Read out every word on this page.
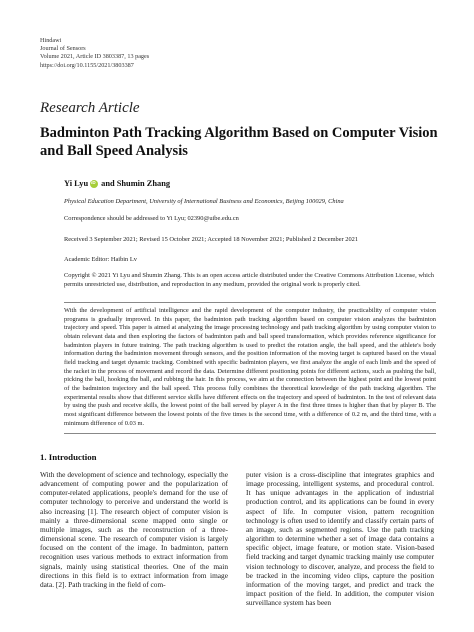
Hindawi
Journal of Sensors
Volume 2021, Article ID 3803387, 13 pages
https://doi.org/10.1155/2021/3803387
Research Article
Badminton Path Tracking Algorithm Based on Computer Vision and Ball Speed Analysis
Yi Lyu
iD and Shumin Zhang
Physical Education Department, University of International Business and Economics, Beijing 100029, China
Correspondence should be addressed to Yi Lyu; 02390@uibe.edu.cn
Received 3 September 2021; Revised 15 October 2021; Accepted 18 November 2021; Published 2 December 2021
Academic Editor: Haibin Lv
Copyright © 2021 Yi Lyu and Shumin Zhang. This is an open access article distributed under the Creative Commons Attribution License, which permits unrestricted use, distribution, and reproduction in any medium, provided the original work is properly cited.
With the development of artificial intelligence and the rapid development of the computer industry, the practicability of computer vision programs is gradually improved. In this paper, the badminton path tracking algorithm based on computer vision analyzes the badminton trajectory and speed. This paper is aimed at analyzing the image processing technology and path tracking algorithm by using computer vision to obtain relevant data and then exploring the factors of badminton path and ball speed transformation, which provides reference significance for badminton players in future training. The path tracking algorithm is used to predict the rotation angle, the ball speed, and the athlete's body information during the badminton movement through sensors, and the position information of the moving target is captured based on the visual field tracking and target dynamic tracking. Combined with specific badminton players, we first analyze the angle of each limb and the speed of the racket in the process of movement and record the data. Determine different positioning points for different actions, such as pushing the ball, picking the ball, hooking the ball, and rubbing the hair. In this process, we aim at the connection between the highest point and the lowest point of the badminton trajectory and the ball speed. This process fully combines the theoretical knowledge of the path tracking algorithm. The experimental results show that different service skills have different effects on the trajectory and speed of badminton. In the test of relevant data by using the push and receive skills, the lowest point of the ball served by player A in the first three times is higher than that by player B. The most significant difference between the lowest points of the five times is the second time, with a difference of 0.2 m, and the third time, with a minimum difference of 0.03 m.
1. Introduction
With the development of science and technology, especially the advancement of computing power and the popularization of computer-related applications, people's demand for the use of computer technology to perceive and understand the world is also increasing [1]. The research object of computer vision is mainly a three-dimensional scene mapped onto single or multiple images, such as the reconstruction of a three-dimensional scene. The research of computer vision is largely focused on the content of the image. In badminton, pattern recognition uses various methods to extract information from signals, mainly using statistical theories. One of the main directions in this field is to extract information from image data. [2]. Path tracking in the field of com-
puter vision is a cross-discipline that integrates graphics and image processing, intelligent systems, and procedural control. It has unique advantages in the application of industrial production control, and its applications can be found in every aspect of life. In computer vision, pattern recognition technology is often used to identify and classify certain parts of an image, such as segmented regions. Use the path tracking algorithm to determine whether a set of image data contains a specific object, image feature, or motion state. Vision-based field tracking and target dynamic tracking mainly use computer vision technology to discover, analyze, and process the field to be tracked in the incoming video clips, capture the position information of the moving target, and predict and track the impact position of the field. In addition, the computer vision surveillance system has been
